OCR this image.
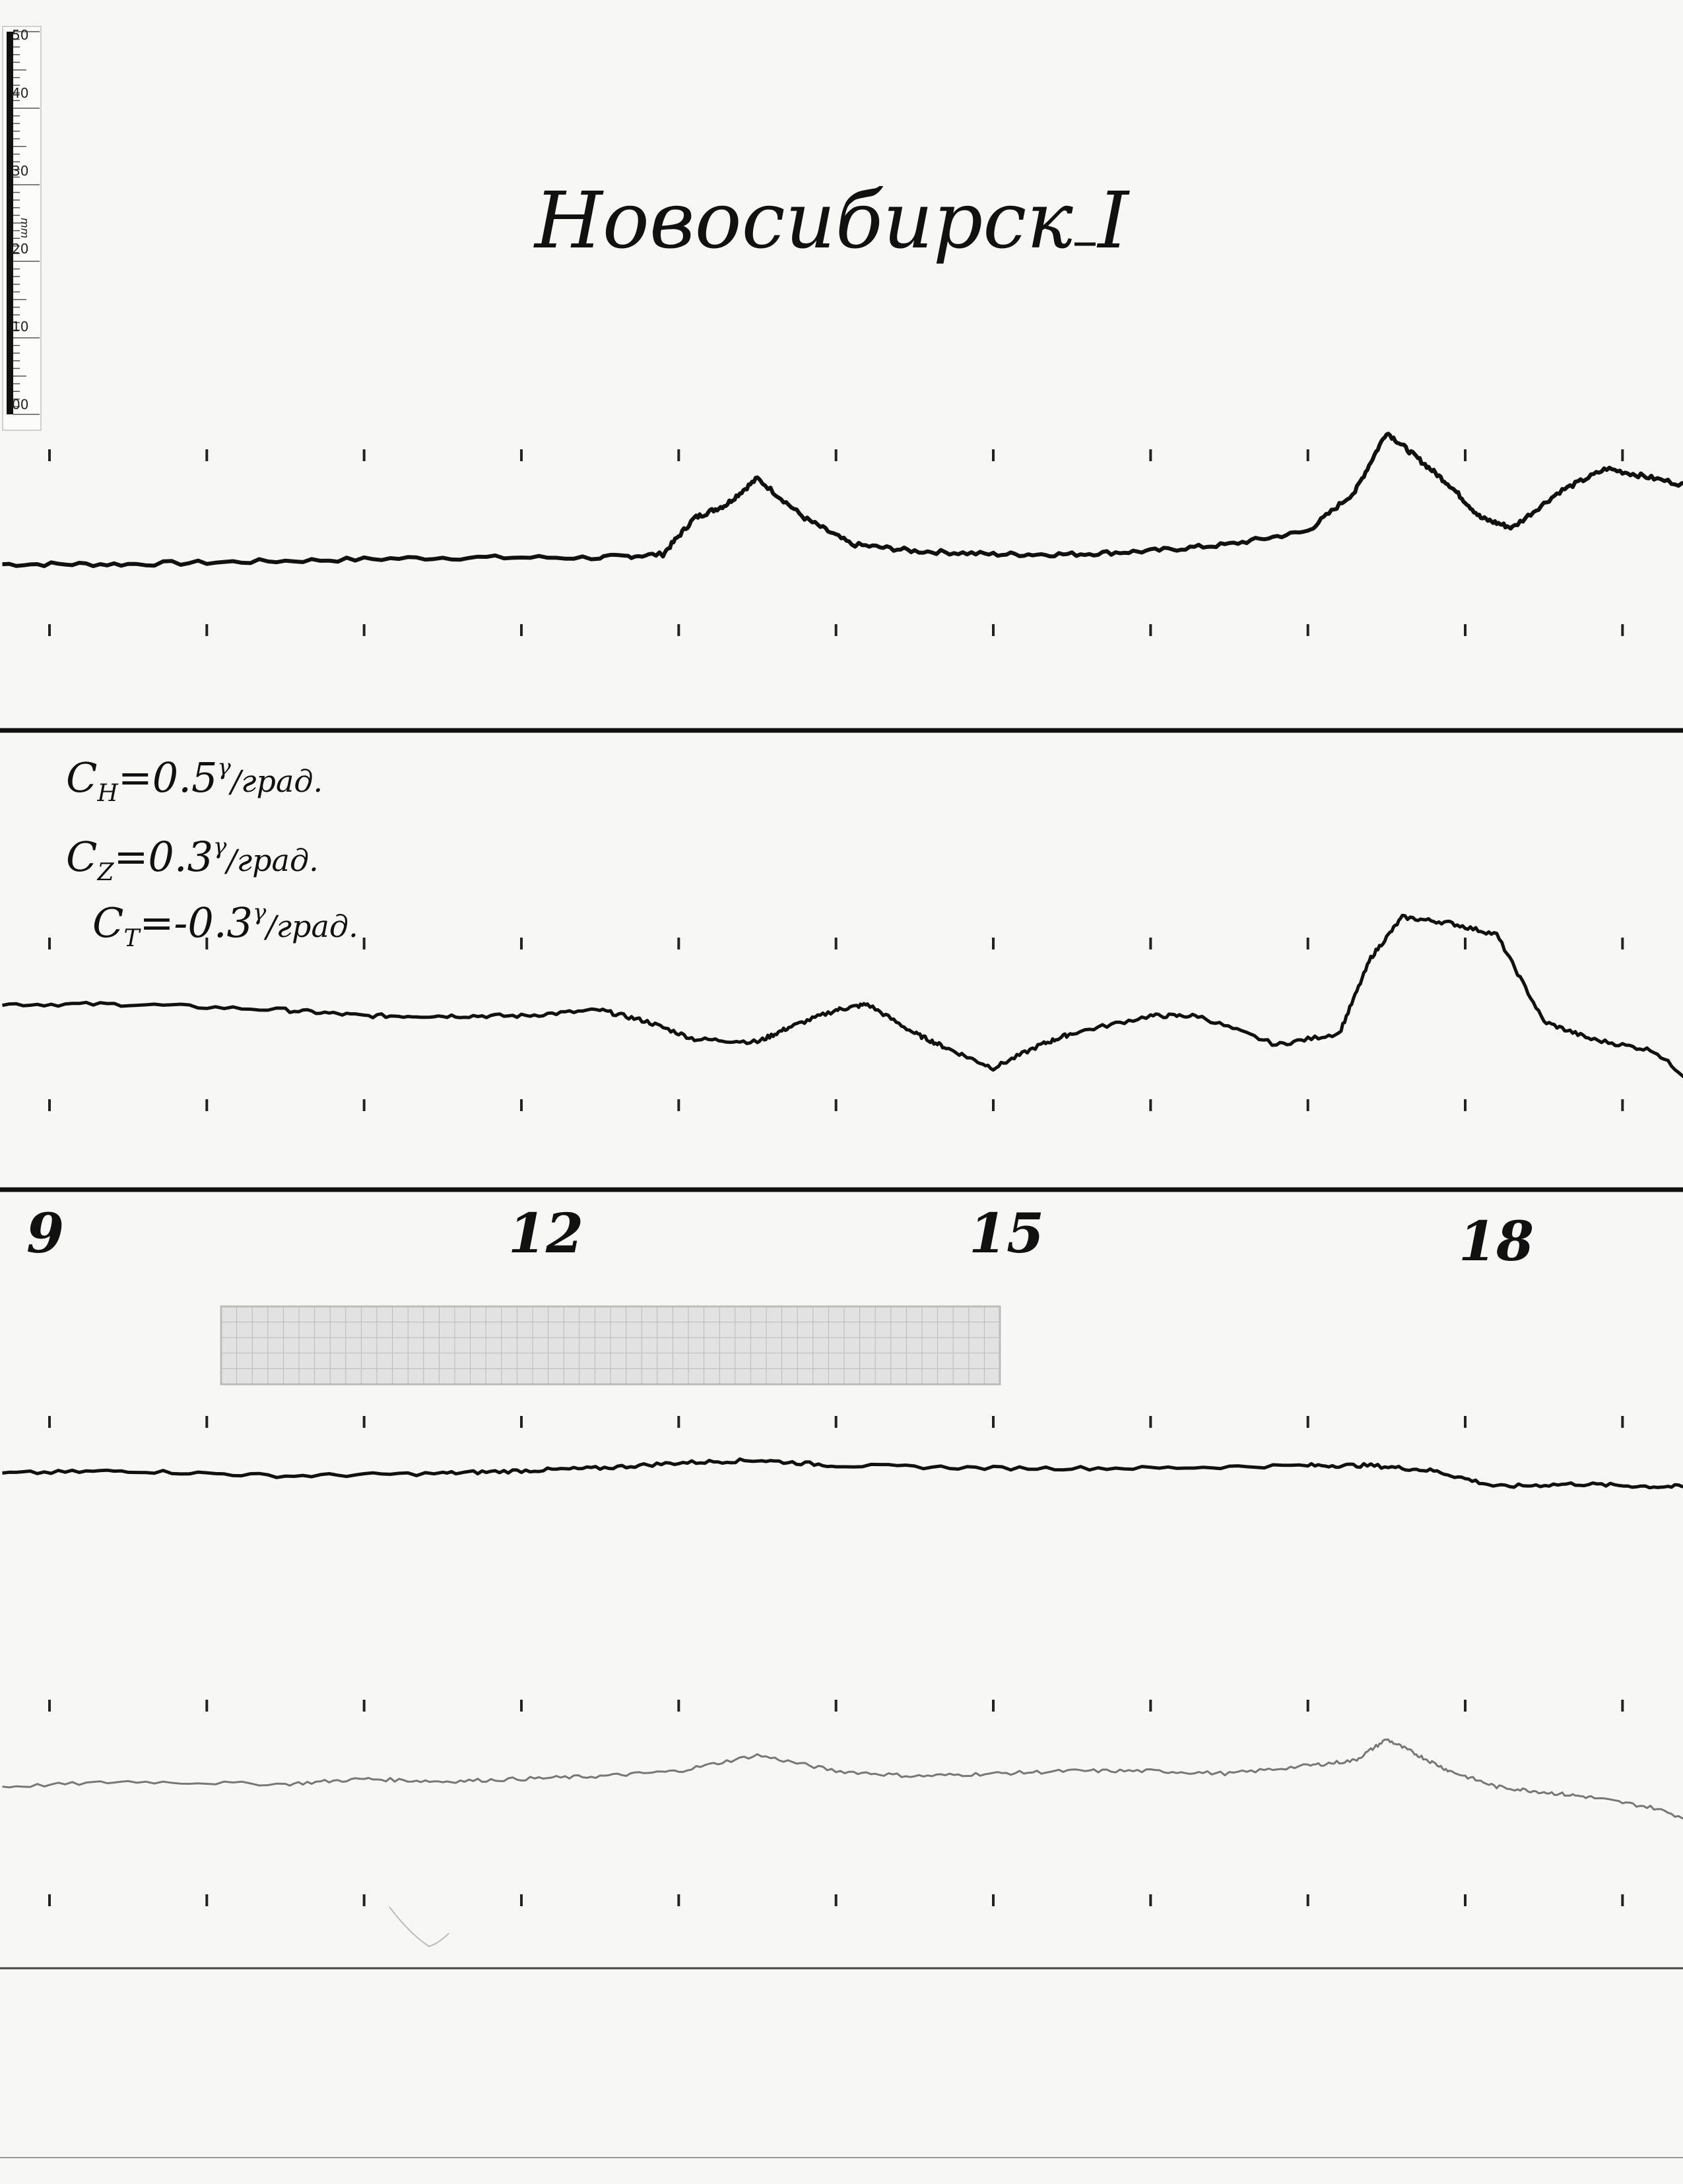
50
40
30
20
10
00
mm	Новосибирск I
$C_H=0.5^\gamma_{/град.}$
$C_Z=0.3^\gamma_{/град.}$
$C_T=-0.3^\gamma_{/град.}$
9	12	15	18
